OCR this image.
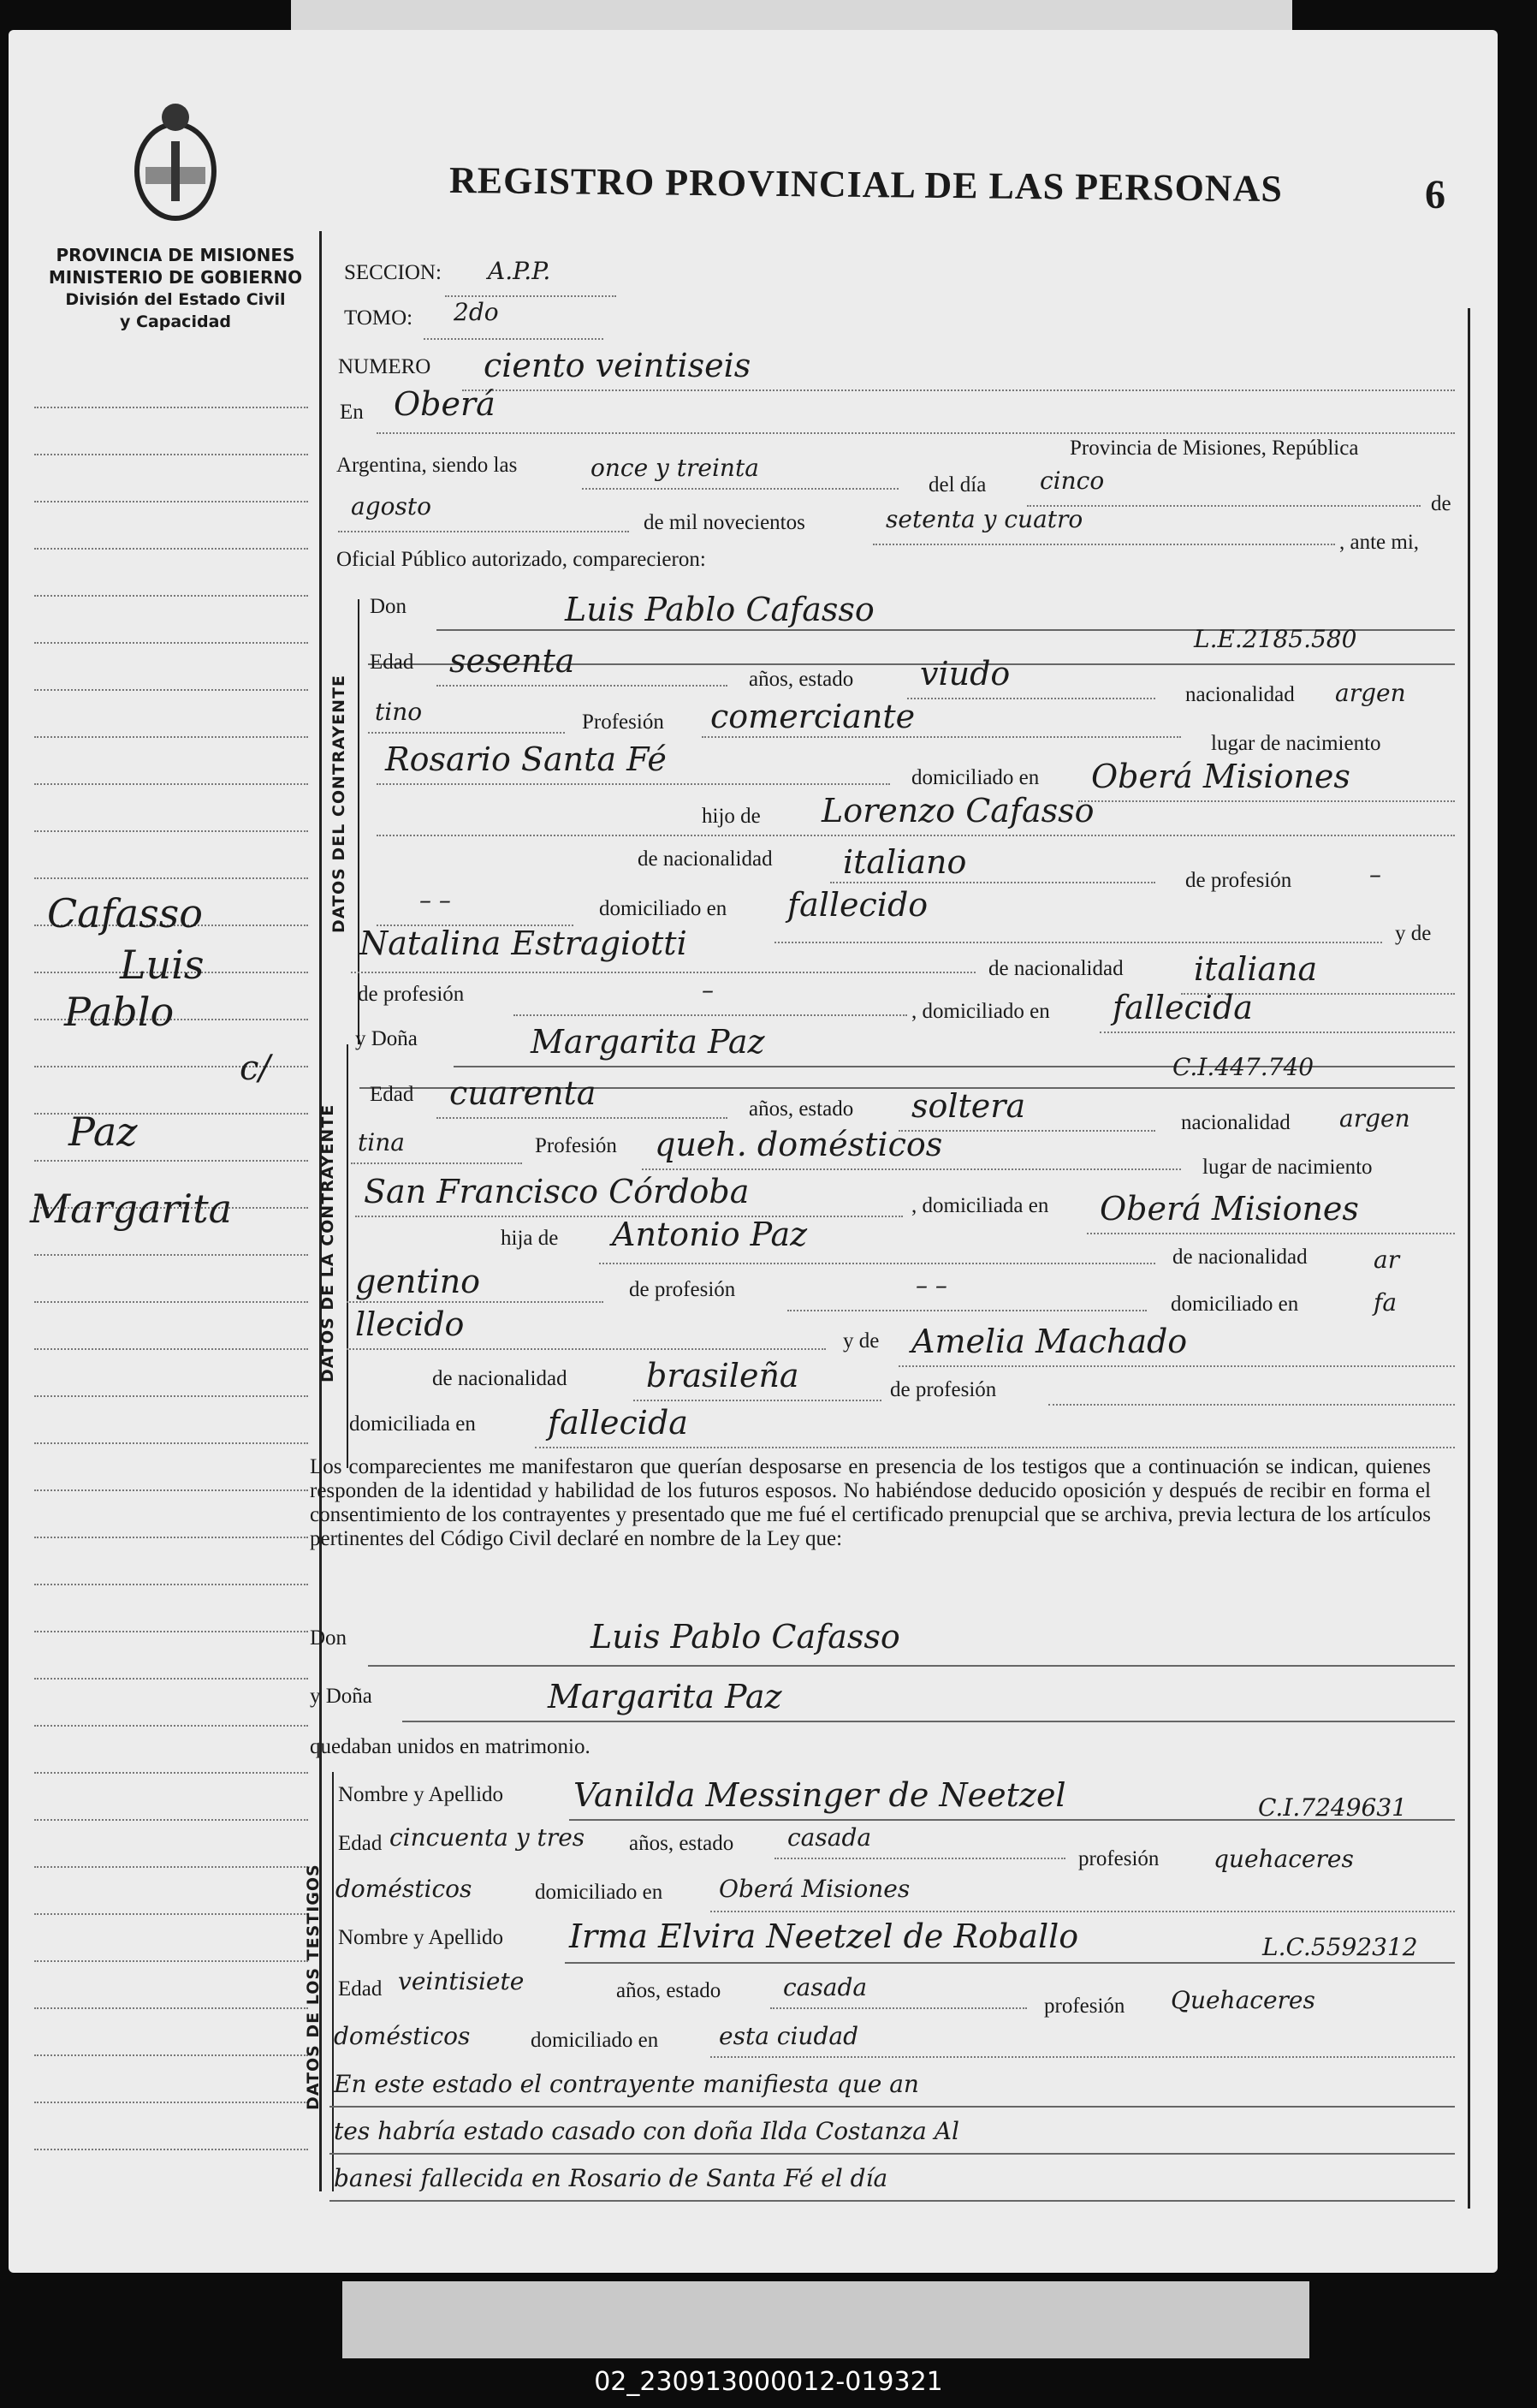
REGISTRO PROVINCIAL DE LAS PERSONAS	6
PROVINCIA DE MISIONES
MINISTERIO DE GOBIERNO
División del Estado Civil
y Capacidad
Cafasso
Luis
Pablo
c/
Paz
Margarita
DATOS DEL CONTRAYENTE
DATOS DE LA CONTRAYENTE
DATOS DE LOS TESTIGOS
SECCION: A.P.P.
TOMO: 2do
NUMERO ciento veintiseis
En Oberá
Provincia de Misiones, República
Argentina, siendo las	once y treinta
del día cinco
de
agosto
de mil novecientos	setenta y cuatro
, ante mi,
Oficial Público autorizado, comparecieron:
Don	Luis Pablo Cafasso
L.E.2185.580
Edad sesenta	años, estado viudo
nacionalidad argen
tino	Profesión comerciante
lugar de nacimiento
Rosario Santa Fé	domiciliado en Oberá Misiones
hijo de Lorenzo Cafasso
de nacionalidad italiano	de profesión	–
– –	domiciliado en fallecido
y de
Natalina Estragiotti
de nacionalidad italiana
de profesión	–
, domiciliado en fallecida
y Doña	Margarita Paz
C.I.447.740
Edad cuarenta	años, estado soltera	nacionalidad argen
tina	Profesión queh. domésticos
lugar de nacimiento
San Francisco Córdoba	, domiciliada en Oberá Misiones
hija de Antonio Paz
de nacionalidad	ar
gentino	de profesión	– –
domiciliado en	fa
llecido	y de Amelia Machado
de nacionalidad brasileña	de profesión
domiciliada en fallecida
Los comparecientes me manifestaron que querían desposarse en presencia de los testigos que a continuación se indican, quienes responden de la identidad y habilidad de los futuros esposos. No habiéndose deducido oposición y después de recibir en forma el consentimiento de los contrayentes y presentado que me fué el certificado prenupcial que se archiva, previa lectura de los artículos pertinentes del Código Civil declaré en nombre de la Ley que:
Don	Luis Pablo Cafasso
y Doña	Margarita Paz
quedaban unidos en matrimonio.
Nombre y Apellido Vanilda Messinger de Neetzel	C.I.7249631
Edad cincuenta y tres años, estado casada
profesión quehaceres
domésticos	domiciliado en Oberá Misiones
Nombre y Apellido Irma Elvira Neetzel de Roballo	L.C.5592312
Edad veintisiete	años, estado	casada
profesión Quehaceres
domésticos	domiciliado en	esta ciudad
En este estado el contrayente manifiesta que an
tes habría estado casado con doña Ilda Costanza Al
banesi fallecida en Rosario de Santa Fé el día
02_230913000012-019321
